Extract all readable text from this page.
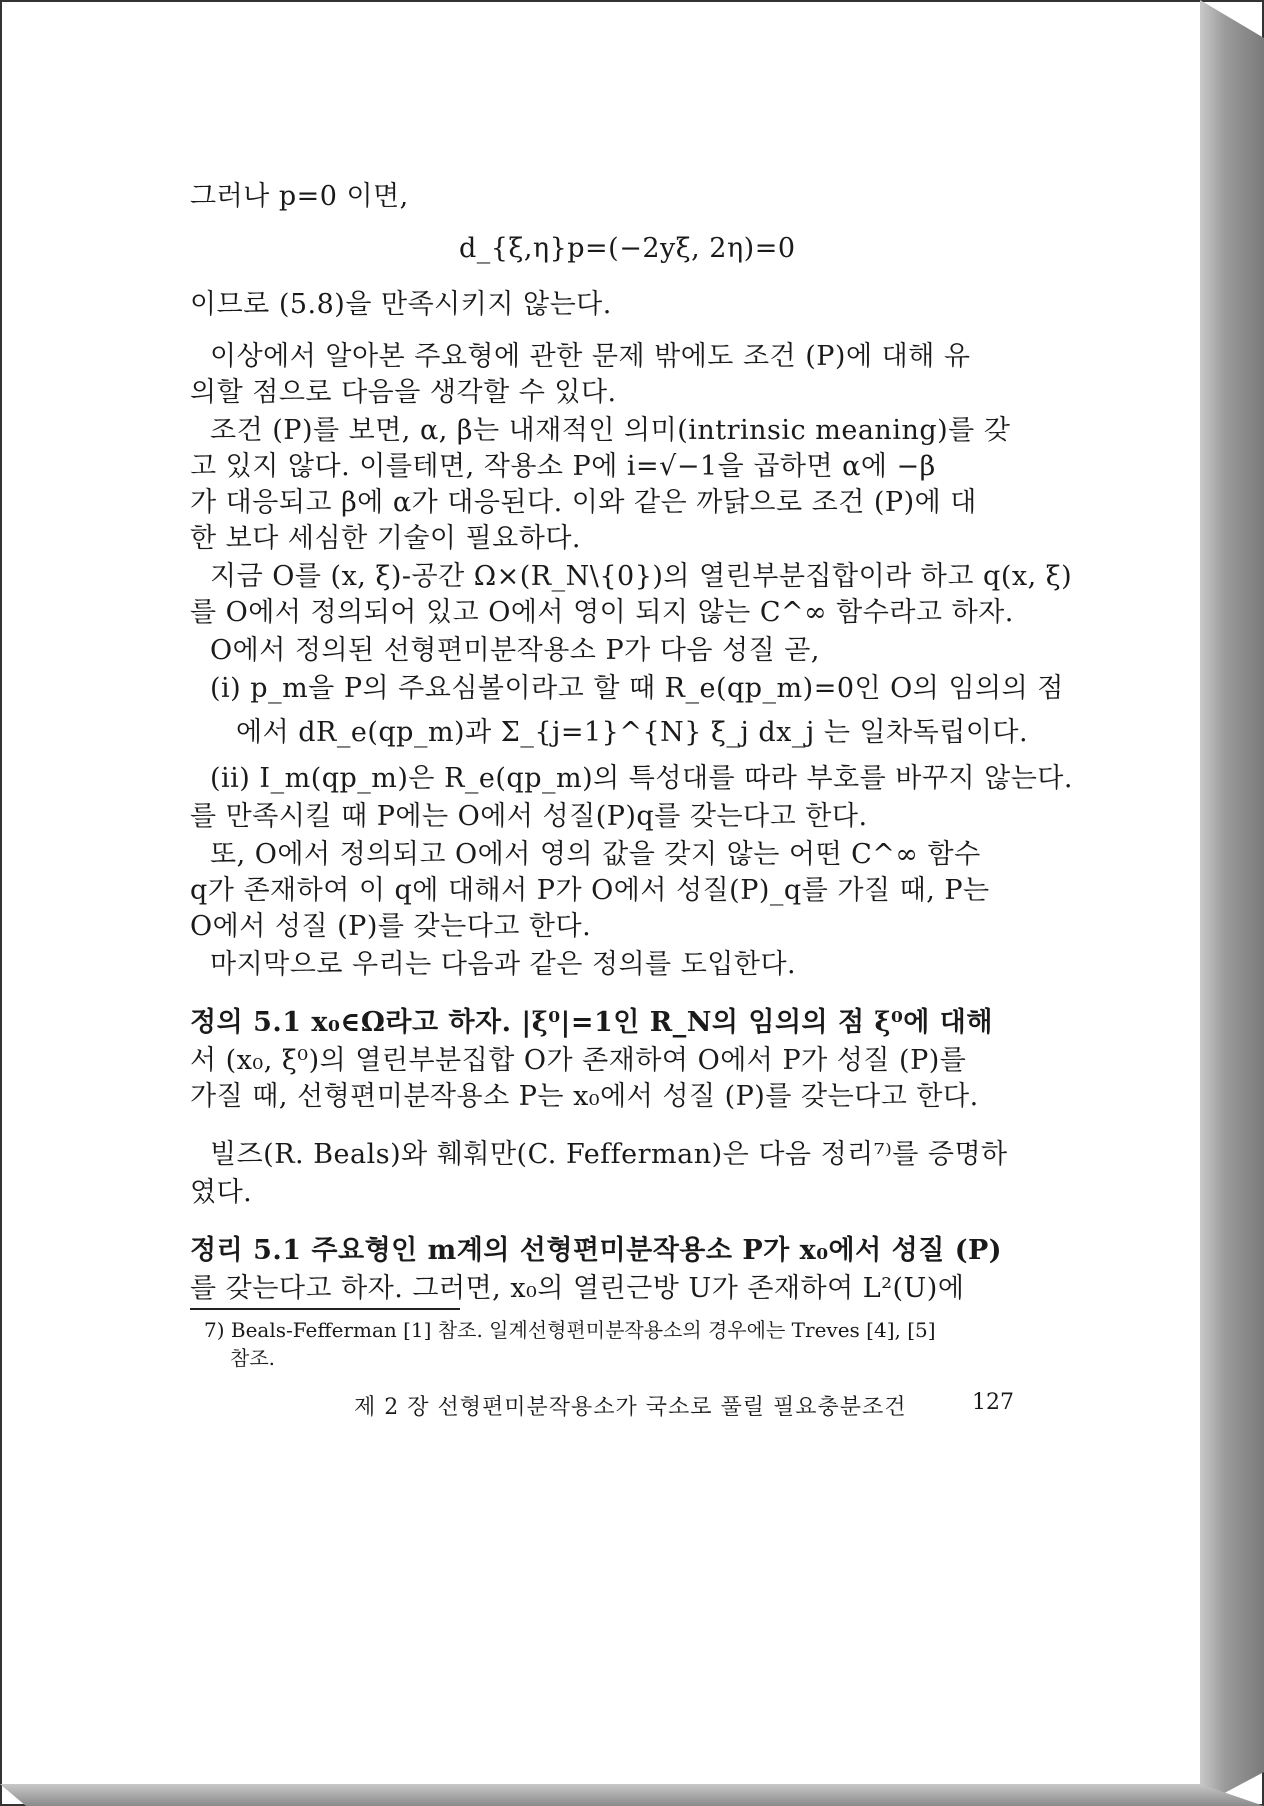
그러나 p=0 이면,
d_{ξ,η}p=(−2yξ, 2η)=0
이므로 (5.8)을 만족시키지 않는다.
이상에서 알아본 주요형에 관한 문제 밖에도 조건 (P)에 대해 유
의할 점으로 다음을 생각할 수 있다.
조건 (P)를 보면, α, β는 내재적인 의미(intrinsic meaning)를 갖
고 있지 않다. 이를테면, 작용소 P에 i=√−1을 곱하면 α에 −β
가 대응되고 β에 α가 대응된다. 이와 같은 까닭으로 조건 (P)에 대
한 보다 세심한 기술이 필요하다.
지금 O를 (x, ξ)-공간 Ω×(R_N\{0})의 열린부분집합이라 하고 q(x, ξ)
를 O에서 정의되어 있고 O에서 영이 되지 않는 C^∞ 함수라고 하자.
O에서 정의된 선형편미분작용소 P가 다음 성질 곧,
(i) p_m을 P의 주요심볼이라고 할 때 R_e(qp_m)=0인 O의 임의의 점
에서 dR_e(qp_m)과 Σ_{j=1}^{N} ξ_j dx_j 는 일차독립이다.
(ii) I_m(qp_m)은 R_e(qp_m)의 특성대를 따라 부호를 바꾸지 않는다.
를 만족시킬 때 P에는 O에서 성질(P)q를 갖는다고 한다.
또, O에서 정의되고 O에서 영의 값을 갖지 않는 어떤 C^∞ 함수
q가 존재하여 이 q에 대해서 P가 O에서 성질(P)_q를 가질 때, P는
O에서 성질 (P)를 갖는다고 한다.
마지막으로 우리는 다음과 같은 정의를 도입한다.
정의 5.1 x₀∈Ω라고 하자. |ξ⁰|=1인 R_N의 임의의 점 ξ⁰에 대해
서 (x₀, ξ⁰)의 열린부분집합 O가 존재하여 O에서 P가 성질 (P)를
가질 때, 선형편미분작용소 P는 x₀에서 성질 (P)를 갖는다고 한다.
빌즈(R. Beals)와 훼훠만(C. Fefferman)은 다음 정리⁷⁾를 증명하
였다.
정리 5.1 주요형인 m계의 선형편미분작용소 P가 x₀에서 성질 (P)
를 갖는다고 하자. 그러면, x₀의 열린근방 U가 존재하여 L²(U)에
7) Beals-Fefferman [1] 참조. 일계선형편미분작용소의 경우에는 Treves [4], [5]
참조.
제 2 장 선형편미분작용소가 국소로 풀릴 필요충분조건	127
